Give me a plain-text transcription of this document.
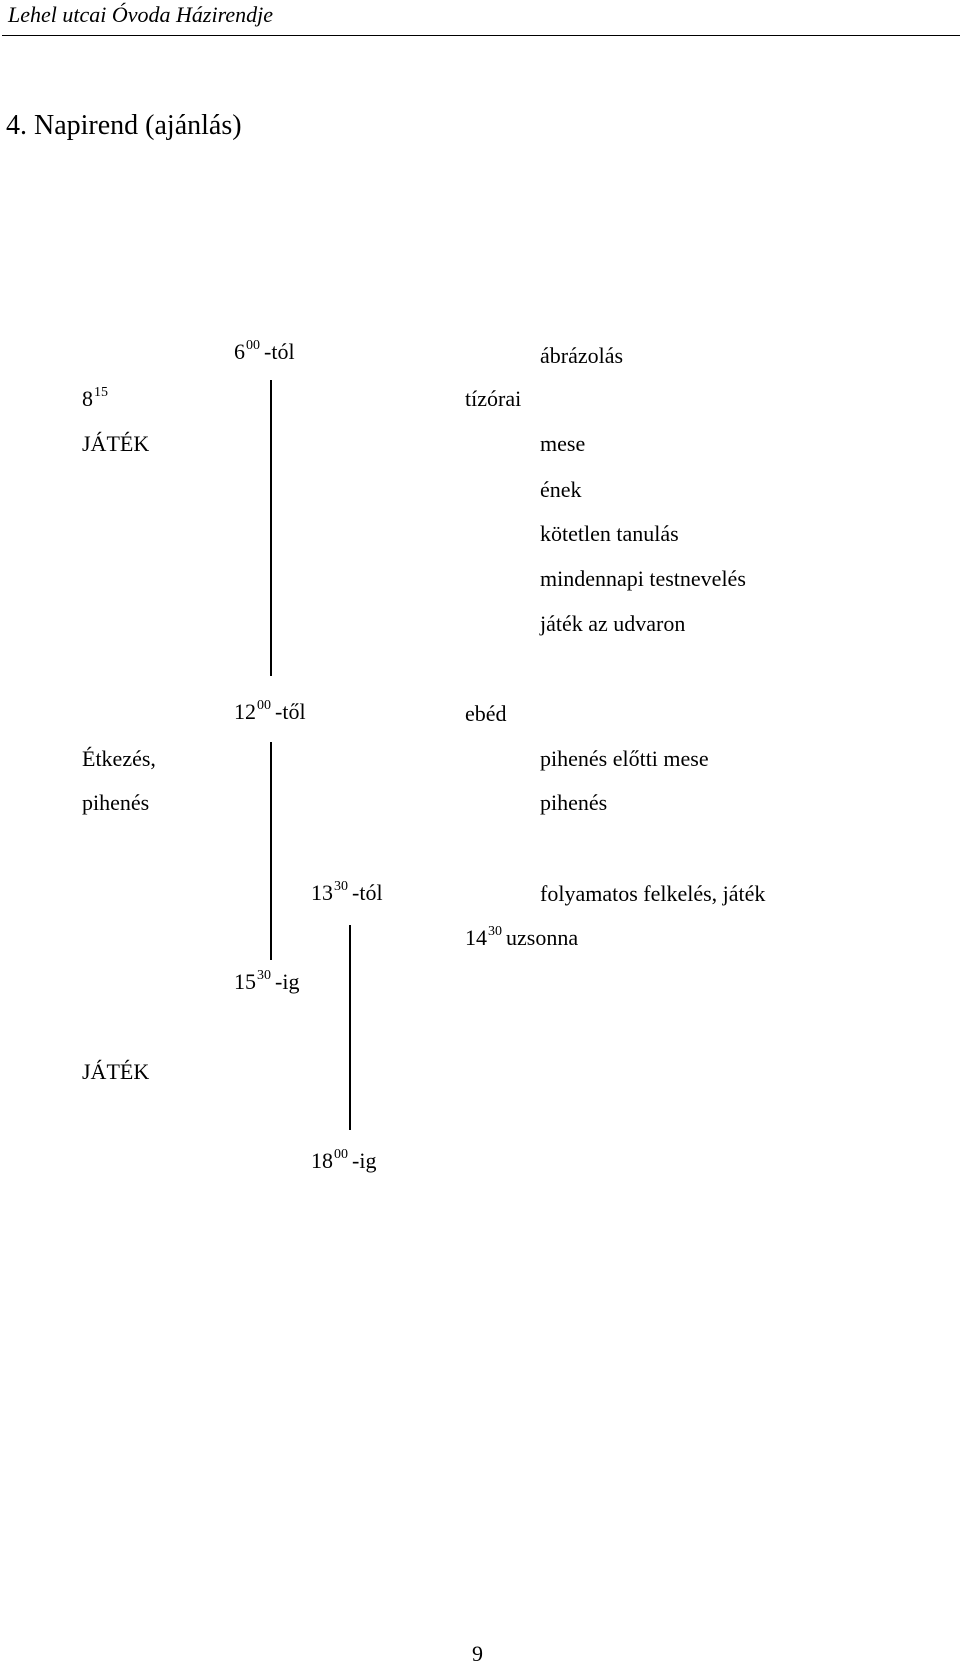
Lehel utcai Óvoda Házirendje
4. Napirend (ajánlás)
$6^{00}$ -tól	ábrázolás
$8^{15}$	tízórai
JÁTÉK	mese
ének
kötetlen tanulás
mindennapi testnevelés
játék az udvaron
$12^{00}$ -től	ebéd
Étkezés,	pihenés előtti mese
pihenés	pihenés
$13^{30}$ -tól	folyamatos felkelés, játék
$14^{30}$ uzsonna
$15^{30}$ -ig
JÁTÉK
$18^{00}$ -ig
9
